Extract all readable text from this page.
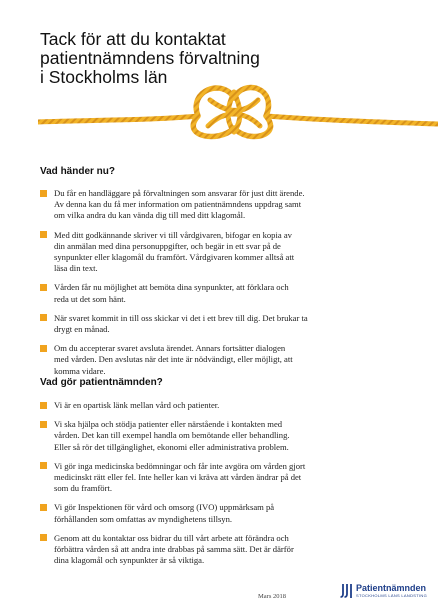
Tack för att du kontaktat
patientnämndens förvaltning
i Stockholms län
Vad händer nu?
Du får en handläggare på förvaltningen som ansvarar för just ditt ärende.
Av denna kan du få mer information om patientnämndens uppdrag samt
om vilka andra du kan vända dig till med ditt klagomål.
Med ditt godkännande skriver vi till vårdgivaren, bifogar en kopia av
din anmälan med dina personuppgifter, och begär in ett svar på de
synpunkter eller klagomål du framfört. Vårdgivaren kommer alltså att
läsa din text.
Vården får nu möjlighet att bemöta dina synpunkter, att förklara och
reda ut det som hänt.
När svaret kommit in till oss skickar vi det i ett brev till dig. Det brukar ta
drygt en månad.
Om du accepterar svaret avsluta ärendet. Annars fortsätter dialogen
med vården. Den avslutas när det inte är nödvändigt, eller möjligt, att
komma vidare.
Vad gör patientnämnden?
Vi är en opartisk länk mellan vård och patienter.
Vi ska hjälpa och stödja patienter eller närstående i kontakten med
vården. Det kan till exempel handla om bemötande eller behandling.
Eller så rör det tillgänglighet, ekonomi eller administrativa problem.
Vi gör inga medicinska bedömningar och får inte avgöra om vården gjort
medicinskt rätt eller fel. Inte heller kan vi kräva att vården ändrar på det
som du framfört.
Vi gör Inspektionen för vård och omsorg (IVO) uppmärksam på
förhållanden som omfattas av myndighetens tillsyn.
Genom att du kontaktar oss bidrar du till vårt arbete att förändra och
förbättra vården så att andra inte drabbas på samma sätt. Det är därför
dina klagomål och synpunkter är så viktiga.
Mars 2018
Patientnämnden
STOCKHOLMS LÄNS LANDSTING
